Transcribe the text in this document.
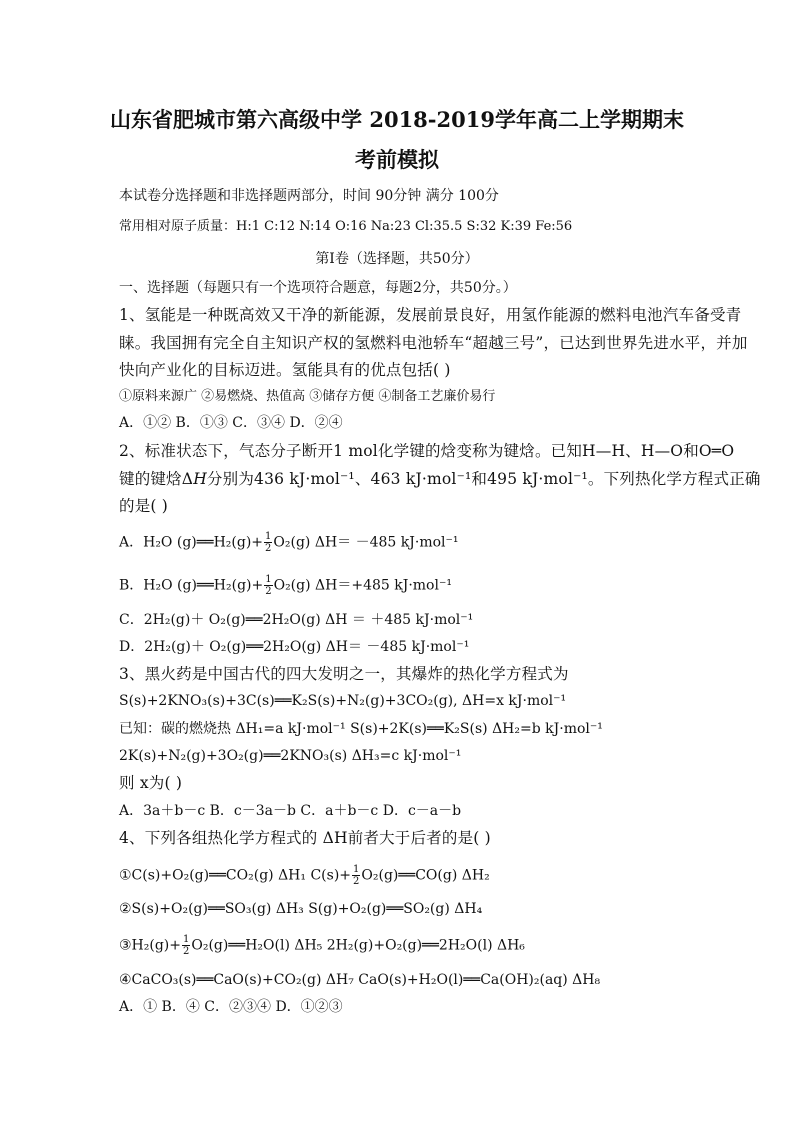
山东省肥城市第六高级中学 2018-2019学年高二上学期期末
考前模拟
本试卷分选择题和非选择题两部分，时间 90分钟 满分 100分
常用相对原子质量：H:1 C:12 N:14 O:16 Na:23 Cl:35.5 S:32 K:39 Fe:56
第Ⅰ卷（选择题，共50分）
一、选择题（每题只有一个选项符合题意，每题2分，共50分。）
1、氢能是一种既高效又干净的新能源，发展前景良好，用氢作能源的燃料电池汽车备受青
睐。我国拥有完全自主知识产权的氢燃料电池轿车“超越三号”，已达到世界先进水平，并加
快向产业化的目标迈进。氢能具有的优点包括( )
①原料来源广 ②易燃烧、热值高 ③储存方便 ④制备工艺廉价易行
A．①② B．①③ C．③④ D．②④
2、标准状态下，气态分子断开1 mol化学键的焓变称为键焓。已知H—H、H—O和O═O
键的键焓ΔH分别为436 kJ·mol⁻¹、463 kJ·mol⁻¹和495 kJ·mol⁻¹。下列热化学方程式正确
的是( )
A．H₂O (g)══H₂(g)+ $\frac{1}{2} O_2(g)$ ΔH＝ －485 kJ·mol⁻¹
B．H₂O (g)══H₂(g)+ $\frac{1}{2} O_2(g)$ ΔH＝+485 kJ·mol⁻¹
C．2H₂(g)＋ O₂(g)══2H₂O(g) ΔH ＝ ＋485 kJ·mol⁻¹
D．2H₂(g)＋ O₂(g)══2H₂O(g) ΔH＝ －485 kJ·mol⁻¹
3、黑火药是中国古代的四大发明之一，其爆炸的热化学方程式为
S(s)+2KNO₃(s)+3C(s)══K₂S(s)+N₂(g)+3CO₂(g), ΔH=x kJ·mol⁻¹
已知：碳的燃烧热 ΔH₁=a kJ·mol⁻¹ S(s)+2K(s)══K₂S(s) ΔH₂=b kJ·mol⁻¹
2K(s)+N₂(g)+3O₂(g)══2KNO₃(s) ΔH₃=c kJ·mol⁻¹
则 x为( )
A．3a＋b－c B．c－3a－b C．a＋b－c D．c－a－b
4、下列各组热化学方程式的 ΔH前者大于后者的是( )
①C(s)+O₂(g)══CO₂(g) ΔH₁ $C(s)+ \frac{1}{2}$ O₂(g)══CO(g) ΔH₂
②S(s)+O₂(g)══SO₃(g) ΔH₃ S(g)+O₂(g)══SO₂(g) ΔH₄
③H₂(g)+ $\frac{1}{2}$ O₂(g)══H₂O(l) ΔH₅ 2H₂(g)+O₂(g)══2H₂O(l) ΔH₆
④CaCO₃(s)══CaO(s)+CO₂(g) ΔH₇ CaO(s)+H₂O(l)══Ca(OH)₂(aq) ΔH₈
A．① B．④ C．②③④ D．①②③
